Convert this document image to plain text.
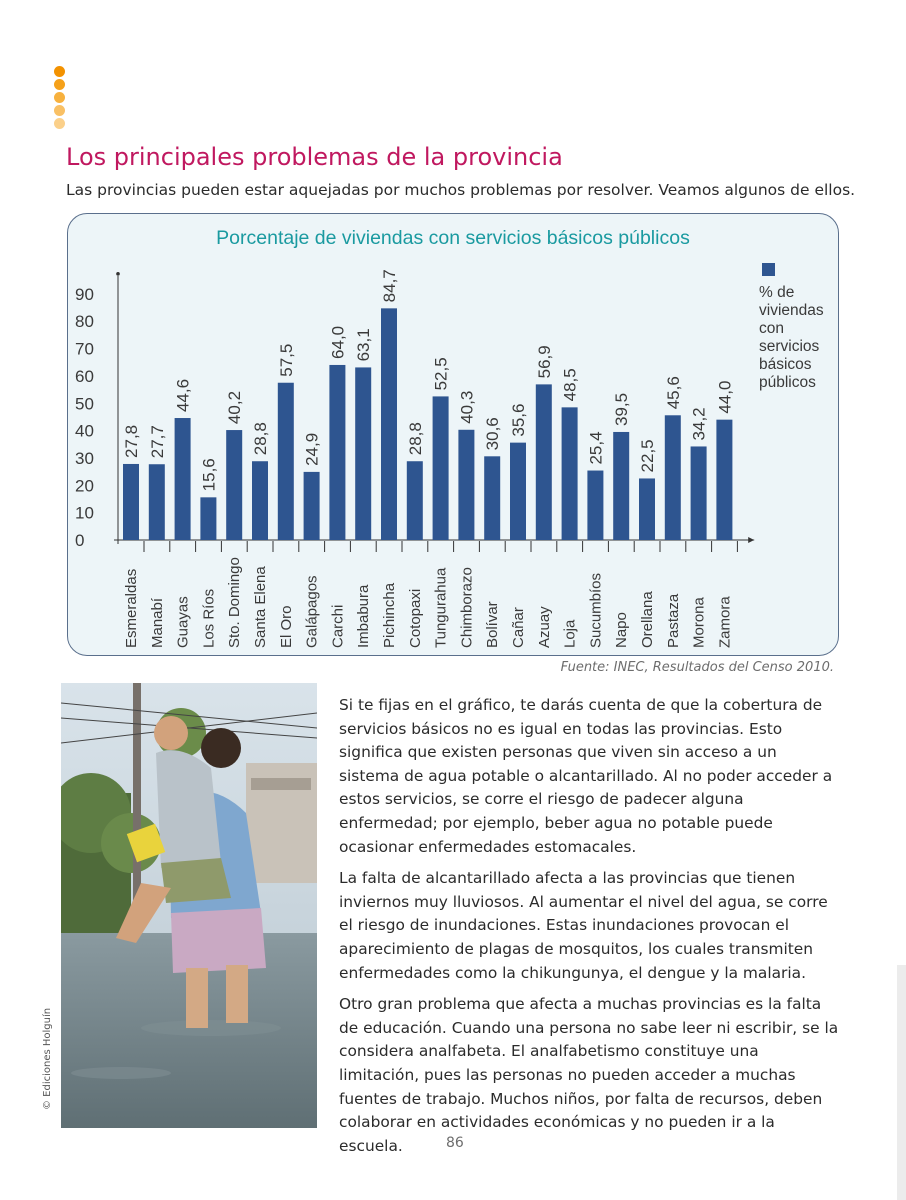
Los principales problemas de la provincia

Las provincias pueden estar aquejadas por muchos problemas por resolver. Veamos algunos de ellos.

Porcentaje de viviendas con servicios básicos públicos
0
10
20
30
40
50
60
70
80
90
27,8
Esmeraldas
27,7
Manabí
44,6
Guayas
15,6
Los Ríos
40,2
Sto. Domingo
28,8
Santa Elena
57,5
El Oro
24,9
Galápagos
64,0
Carchi
63,1
Imbabura
84,7
Pichincha
28,8
Cotopaxi
52,5
Tungurahua
40,3
Chimborazo
30,6
Bolívar
35,6
Cañar
56,9
Azuay
48,5
Loja
25,4
Sucumbíos
39,5
Napo
22,5
Orellana
45,6
Pastaza
34,2
Morona
44,0
Zamora
% de
viviendas
con
servicios
básicos
públicos

Fuente: INEC, Resultados del Censo 2010.

© Ediciones Holguín

Si te fijas en el gráfico, te darás cuenta de que la cobertura de servicios básicos no es igual en todas las provincias. Esto significa que existen personas que viven sin acceso a un sistema de agua potable o alcantarillado. Al no poder acceder a estos servicios, se corre el riesgo de padecer alguna enfermedad; por ejemplo, beber agua no potable puede ocasionar enfermedades estomacales.

La falta de alcantarillado afecta a las provincias que tienen inviernos muy lluviosos. Al aumentar el nivel del agua, se corre el riesgo de inundaciones. Estas inundaciones provocan el aparecimiento de plagas de mosquitos, los cuales transmiten enfermedades como la chikungunya, el dengue y la malaria.

Otro gran problema que afecta a muchas provincias es la falta de educación. Cuando una persona no sabe leer ni escribir, se la considera analfabeta. El analfabetismo constituye una limitación, pues las personas no pueden acceder a muchas fuentes de trabajo. Muchos niños, por falta de recursos, deben colaborar en actividades económicas y no pueden ir a la escuela.	86
